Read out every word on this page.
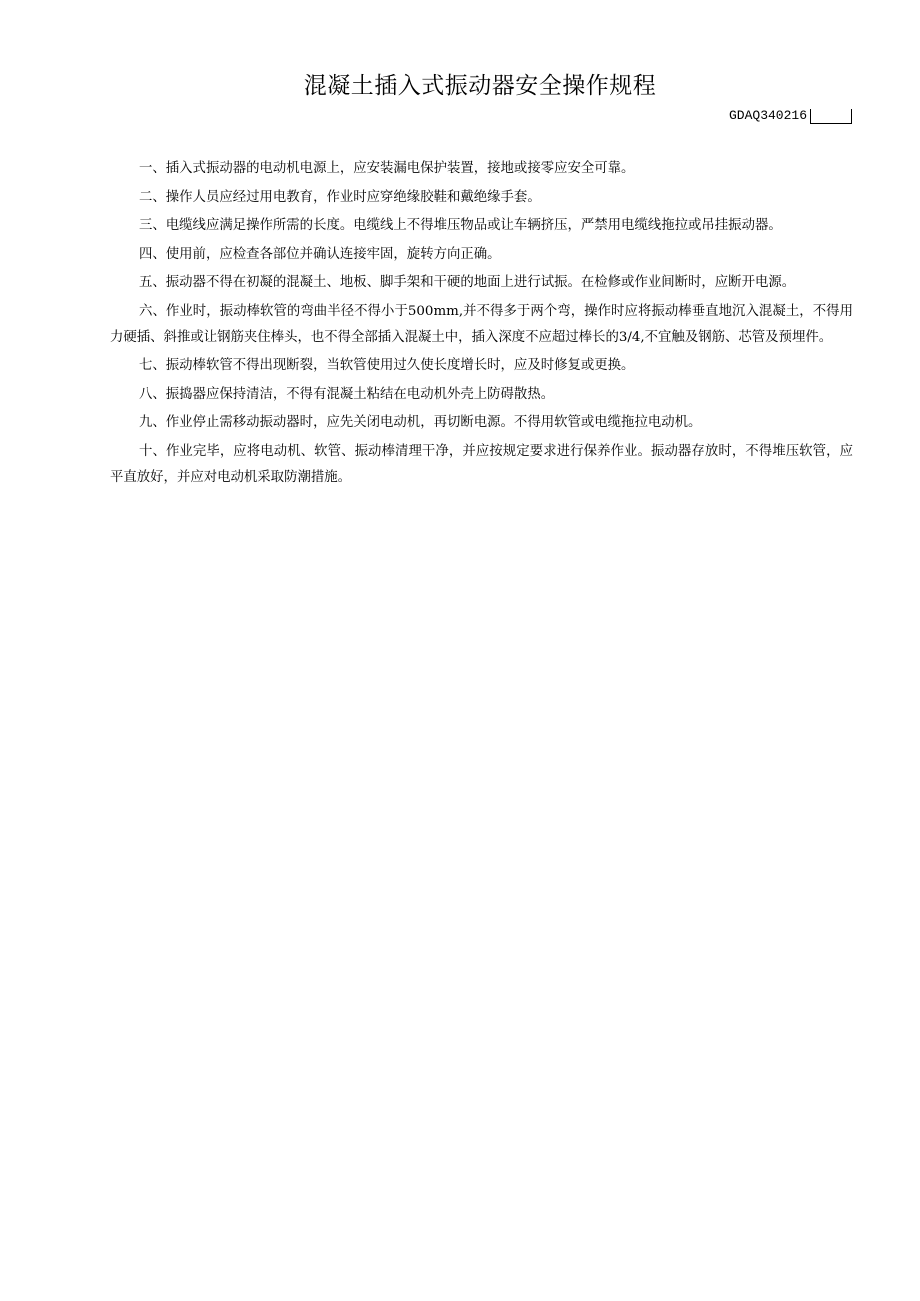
混凝土插入式振动器安全操作规程
GDAQ340216

一、插入式振动器的电动机电源上，应安装漏电保护装置，接地或接零应安全可靠。

二、操作人员应经过用电教育，作业时应穿绝缘胶鞋和戴绝缘手套。

三、电缆线应满足操作所需的长度。电缆线上不得堆压物品或让车辆挤压，严禁用电缆线拖拉或吊挂振动器。

四、使用前，应检查各部位并确认连接牢固，旋转方向正确。

五、振动器不得在初凝的混凝土、地板、脚手架和干硬的地面上进行试振。在检修或作业间断时，应断开电源。

六、作业时，振动棒软管的弯曲半径不得小于500mm,并不得多于两个弯，操作时应将振动棒垂直地沉入混凝土，不得用力硬插、斜推或让钢筋夹住棒头，也不得全部插入混凝土中，插入深度不应超过棒长的3/4,不宜触及钢筋、芯管及预埋件。

七、振动棒软管不得出现断裂，当软管使用过久使长度增长时，应及时修复或更换。

八、振捣器应保持清洁，不得有混凝土粘结在电动机外壳上防碍散热。

九、作业停止需移动振动器时，应先关闭电动机，再切断电源。不得用软管或电缆拖拉电动机。

十、作业完毕，应将电动机、软管、振动棒清理干净，并应按规定要求进行保养作业。振动器存放时，不得堆压软管，应平直放好，并应对电动机采取防潮措施。
